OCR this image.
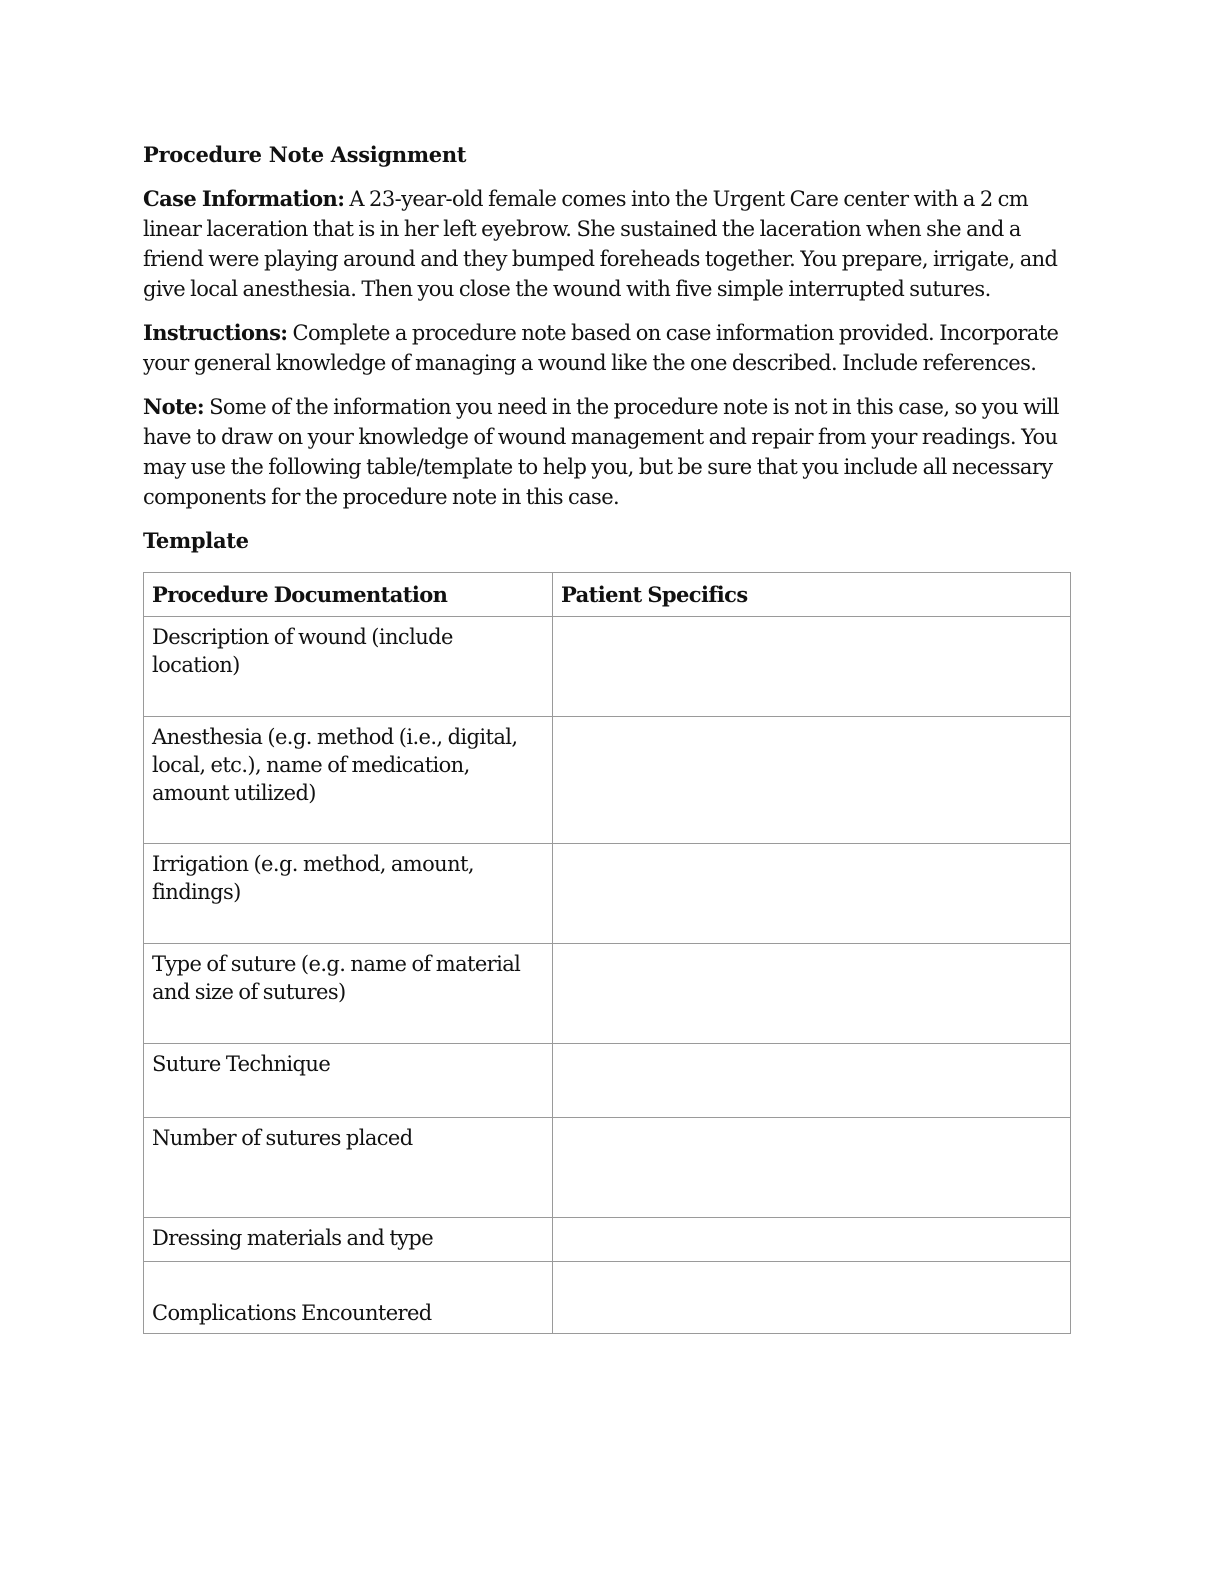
Procedure Note Assignment

Case Information: A 23-year-old female comes into the Urgent Care center with a 2 cm linear laceration that is in her left eyebrow. She sustained the laceration when she and a friend were playing around and they bumped foreheads together. You prepare, irrigate, and give local anesthesia. Then you close the wound with five simple interrupted sutures.

Instructions: Complete a procedure note based on case information provided. Incorporate your general knowledge of managing a wound like the one described. Include references.

Note: Some of the information you need in the procedure note is not in this case, so you will have to draw on your knowledge of wound management and repair from your readings. You may use the following table/template to help you, but be sure that you include all necessary components for the procedure note in this case.

Template
Procedure Documentation	Patient Specifics
Description of wound (include location)	
Anesthesia (e.g. method (i.e., digital, local, etc.), name of medication, amount utilized)	
Irrigation (e.g. method, amount, findings)	
Type of suture (e.g. name of material and size of sutures)	
Suture Technique	
Number of sutures placed	
Dressing materials and type	
Complications Encountered	
